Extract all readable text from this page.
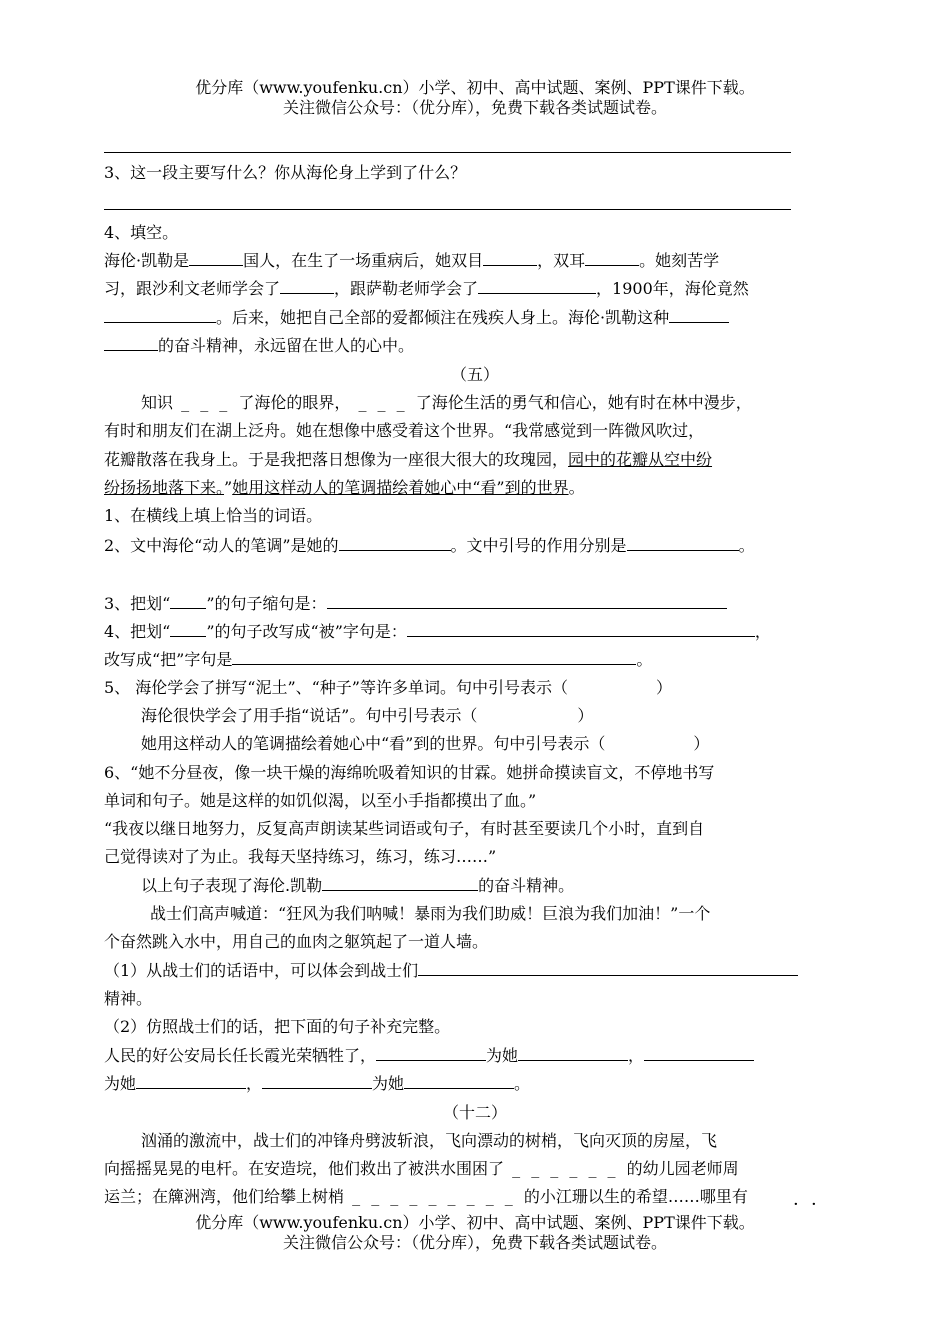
优分库（www.youfenku.cn）小学、初中、高中试题、案例、PPT课件下载。
关注微信公众号：（优分库），免费下载各类试题试卷。
3、这一段主要写什么？你从海伦身上学到了什么？
4、填空。
海伦·凯勒是	国人，在生了一场重病后，她双目	，双耳	。她刻苦学
习，跟沙利文老师学会了	，跟萨勒老师学会了	，1900年，海伦竟然
。后来，她把自己全部的爱都倾注在残疾人身上。海伦·凯勒这种
的奋斗精神，永远留在世人的心中。
（五）
知识 _ _ _ 了海伦的眼界， _ _ _ 了海伦生活的勇气和信心，她有时在林中漫步，
有时和朋友们在湖上泛舟。她在想像中感受着这个世界。“我常感觉到一阵微风吹过，
花瓣散落在我身上。于是我把落日想像为一座很大很大的玫瑰园，园中的花瓣从空中纷
纷扬扬地落下来。”她用这样动人的笔调描绘着她心中“看”到的世界。
1、在横线上填上恰当的词语。
2、文中海伦“动人的笔调”是她的	。文中引号的作用分别是	。
3、把划“ ”的句子缩句是：
4、把划“ ”的句子改写成“被”字句是：	，
改写成“把”字句是	。
5、 海伦学会了拼写“泥土”、“种子”等许多单词。句中引号表示（	）
海伦很快学会了用手指“说话”。句中引号表示（	）
她用这样动人的笔调描绘着她心中“看”到的世界。句中引号表示（	）
6、“她不分昼夜，像一块干燥的海绵吮吸着知识的甘霖。她拼命摸读盲文，不停地书写
单词和句子。她是这样的如饥似渴，以至小手指都摸出了血。”
“我夜以继日地努力，反复高声朗读某些词语或句子，有时甚至要读几个小时，直到自
己觉得读对了为止。我每天坚持练习，练习，练习……”
以上句子表现了海伦.凯勒	的奋斗精神。
战士们高声喊道：“狂风为我们呐喊！暴雨为我们助威！巨浪为我们加油！”一个
个奋然跳入水中，用自己的血肉之躯筑起了一道人墙。
（1）从战士们的话语中，可以体会到战士们
精神。
（2）仿照战士们的话，把下面的句子补充完整。
人民的好公安局长任长霞光荣牺牲了，	为她	，
为她	，	为她	。
（十二）
汹涌的激流中，战士们的冲锋舟劈波斩浪，飞向漂动的树梢，飞向灭顶的房屋，飞
向摇摇晃晃的电杆。在安造垸，他们救出了被洪水围困了 _ _ _ _ _ _ 的幼儿园老师周
运兰；在簰洲湾，他们给攀上树梢 _ _ _ _ _ _ _ _ _ 的小江珊以生的希望……哪里有	· ·
优分库（www.youfenku.cn）小学、初中、高中试题、案例、PPT课件下载。
关注微信公众号：（优分库），免费下载各类试题试卷。
